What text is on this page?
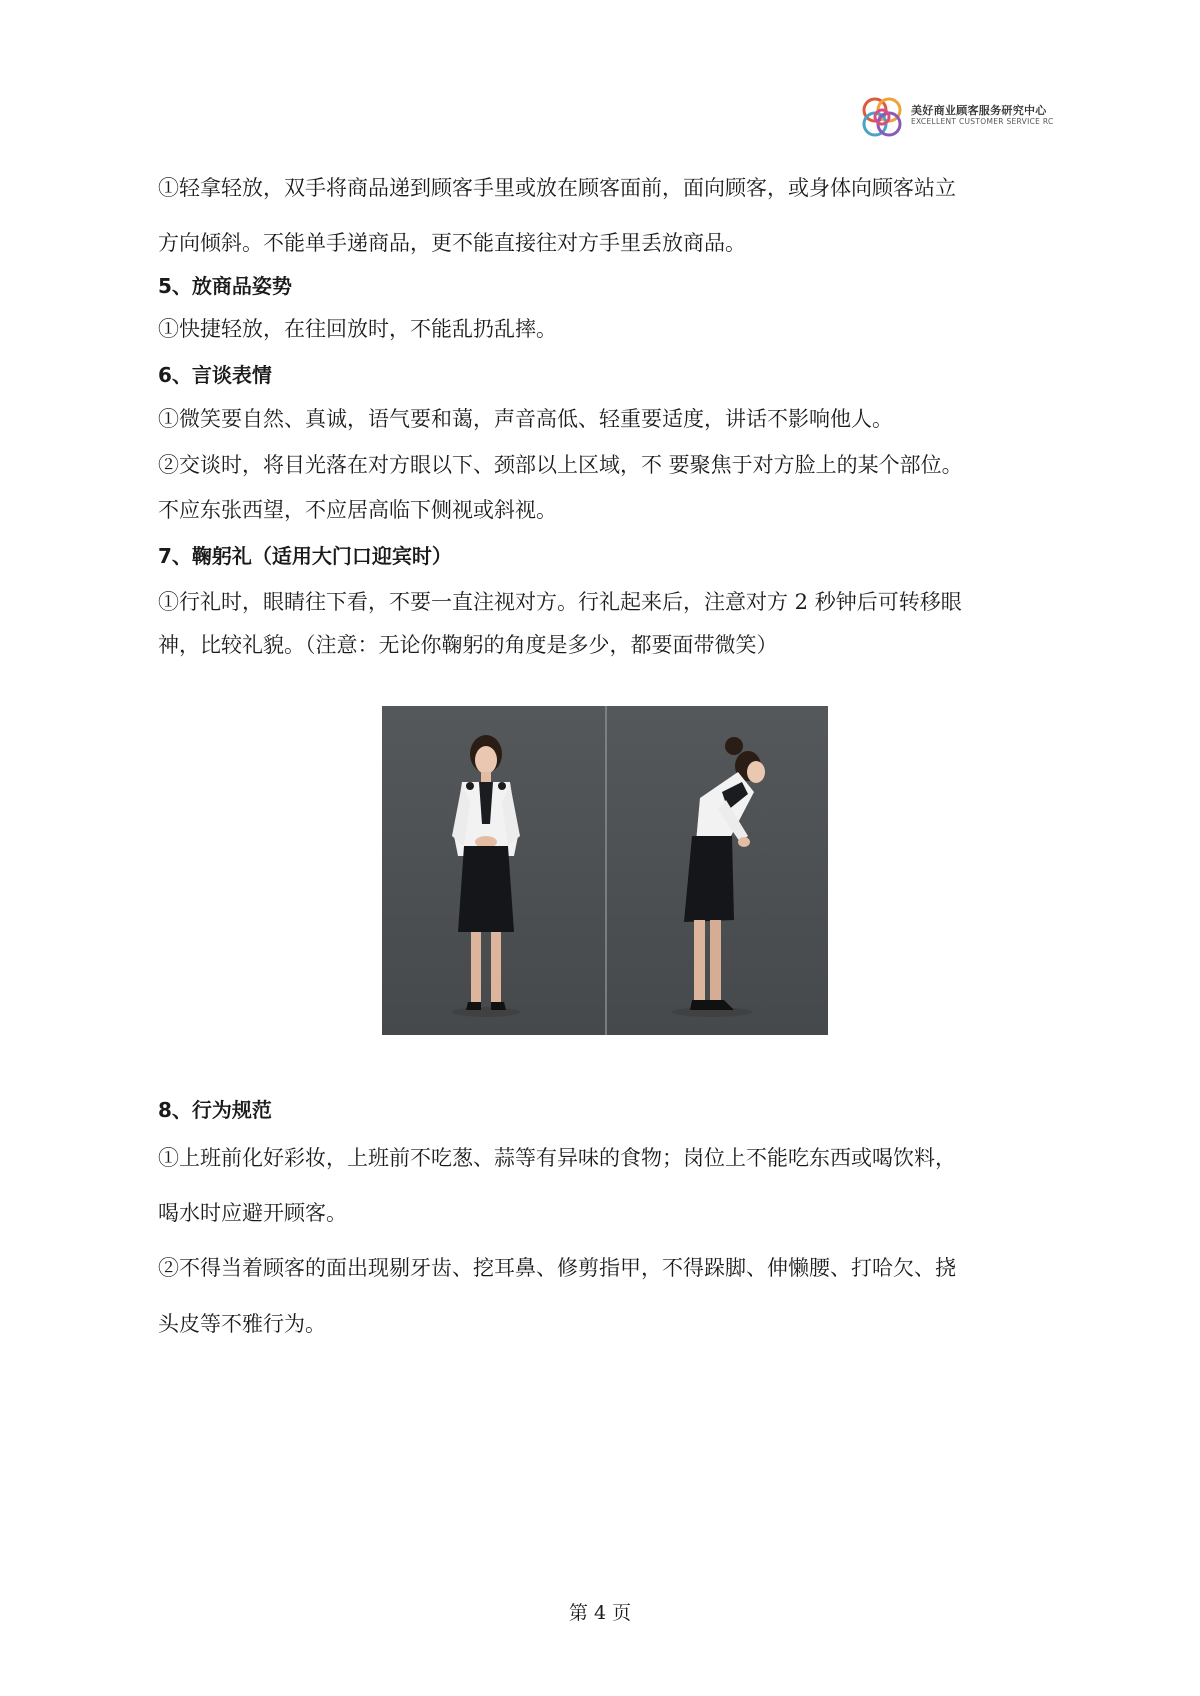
美好商业顾客服务研究中心
EXCELLENT CUSTOMER SERVICE RC
①轻拿轻放，双手将商品递到顾客手里或放在顾客面前，面向顾客，或身体向顾客站立
方向倾斜。不能单手递商品，更不能直接往对方手里丢放商品。
5、放商品姿势
①快捷轻放，在往回放时，不能乱扔乱摔。
6、言谈表情
①微笑要自然、真诚，语气要和蔼，声音高低、轻重要适度，讲话不影响他人。
②交谈时，将目光落在对方眼以下、颈部以上区域，不 要聚焦于对方脸上的某个部位。
不应东张西望，不应居高临下侧视或斜视。
7、鞠躬礼（适用大门口迎宾时）
①行礼时，眼睛往下看，不要一直注视对方。行礼起来后，注意对方 2 秒钟后可转移眼
神，比较礼貌。（注意：无论你鞠躬的角度是多少，都要面带微笑）
8、行为规范
①上班前化好彩妆，上班前不吃葱、蒜等有异味的食物；岗位上不能吃东西或喝饮料，
喝水时应避开顾客。
②不得当着顾客的面出现剔牙齿、挖耳鼻、修剪指甲，不得跺脚、伸懒腰、打哈欠、挠
头皮等不雅行为。
第 4 页
